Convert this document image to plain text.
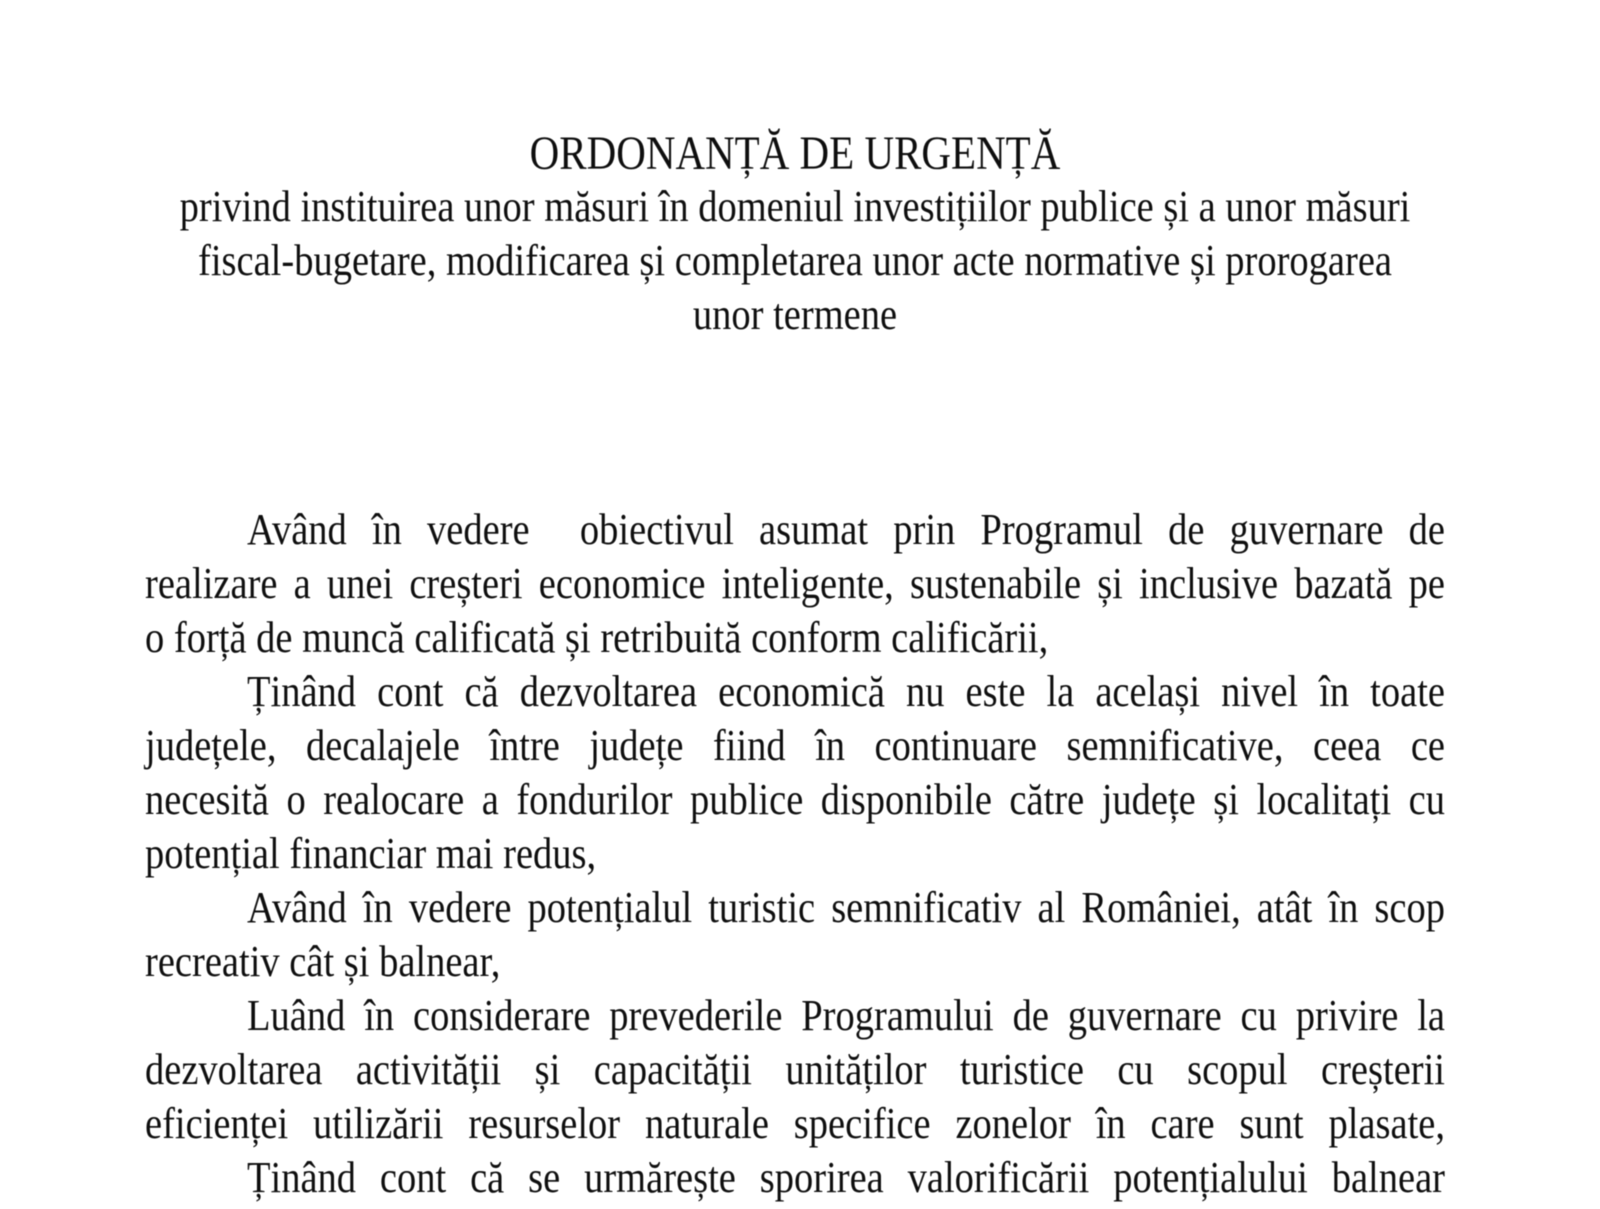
ORDONANȚĂ DE URGENȚĂ
privind instituirea unor măsuri în domeniul investițiilor publice și a unor măsuri
fiscal-bugetare, modificarea și completarea unor acte normative și prorogarea
unor termene
Având în vedere  obiectivul asumat prin Programul de guvernare de
realizare a unei creșteri economice inteligente, sustenabile și inclusive bazată pe
o forță de muncă calificată și retribuită conform calificării,
Ținând cont că dezvoltarea economică nu este la același nivel în toate
județele, decalajele între județe fiind în continuare semnificative, ceea ce
necesită o realocare a fondurilor publice disponibile către județe și localitați cu
potențial financiar mai redus,
Având în vedere potențialul turistic semnificativ al României, atât în scop
recreativ cât și balnear,
Luând în considerare prevederile Programului de guvernare cu privire la
dezvoltarea activității și capacității unităților turistice cu scopul creșterii
eficienței utilizării resurselor naturale specifice zonelor în care sunt plasate,
Ținând cont că se urmărește sporirea valorificării potențialului balnear
